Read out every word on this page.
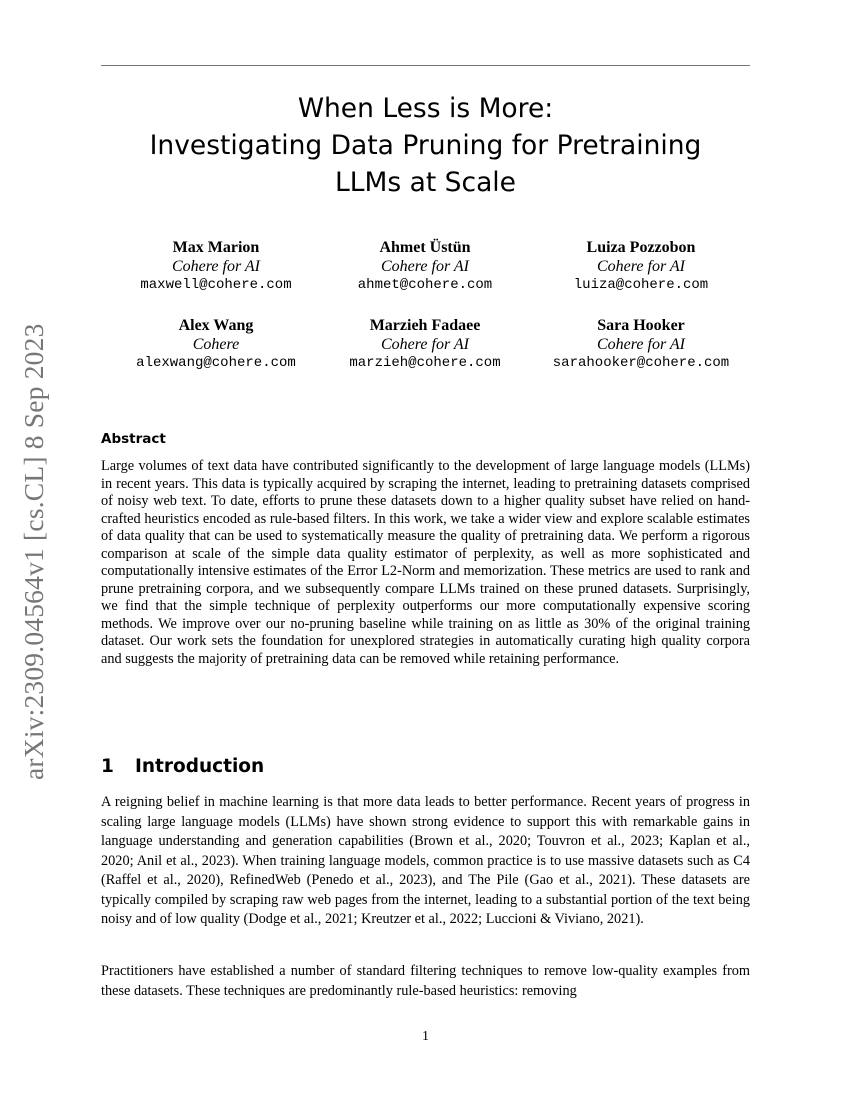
arXiv:2309.04564v1 [cs.CL] 8 Sep 2023
When Less is More:
Investigating Data Pruning for Pretraining
LLMs at Scale
Max Marion
Cohere for AI
maxwell@cohere.com
Ahmet Üstün
Cohere for AI
ahmet@cohere.com
Luiza Pozzobon
Cohere for AI
luiza@cohere.com
Alex Wang
Cohere
alexwang@cohere.com
Marzieh Fadaee
Cohere for AI
marzieh@cohere.com
Sara Hooker
Cohere for AI
sarahooker@cohere.com
Abstract
Large volumes of text data have contributed significantly to the development of large language models (LLMs) in recent years. This data is typically acquired by scraping the internet, leading to pretraining datasets comprised of noisy web text. To date, efforts to prune these datasets down to a higher quality subset have relied on hand-crafted heuristics encoded as rule-based filters. In this work, we take a wider view and explore scalable estimates of data quality that can be used to systematically measure the quality of pretraining data. We perform a rigorous comparison at scale of the simple data quality estimator of perplexity, as well as more sophisticated and computationally intensive estimates of the Error L2-Norm and memorization. These metrics are used to rank and prune pretraining corpora, and we subsequently compare LLMs trained on these pruned datasets. Surprisingly, we find that the simple technique of perplexity outperforms our more computationally expensive scoring methods. We improve over our no-pruning baseline while training on as little as 30% of the original training dataset. Our work sets the foundation for unexplored strategies in automatically curating high quality corpora and suggests the majority of pretraining data can be removed while retaining performance.
1 Introduction
A reigning belief in machine learning is that more data leads to better performance. Recent years of progress in scaling large language models (LLMs) have shown strong evidence to support this with remarkable gains in language understanding and generation capabilities (Brown et al., 2020; Touvron et al., 2023; Kaplan et al., 2020; Anil et al., 2023). When training language models, common practice is to use massive datasets such as C4 (Raffel et al., 2020), RefinedWeb (Penedo et al., 2023), and The Pile (Gao et al., 2021). These datasets are typically compiled by scraping raw web pages from the internet, leading to a substantial portion of the text being noisy and of low quality (Dodge et al., 2021; Kreutzer et al., 2022; Luccioni & Viviano, 2021).
Practitioners have established a number of standard filtering techniques to remove low-quality examples from these datasets. These techniques are predominantly rule-based heuristics: removing
1
